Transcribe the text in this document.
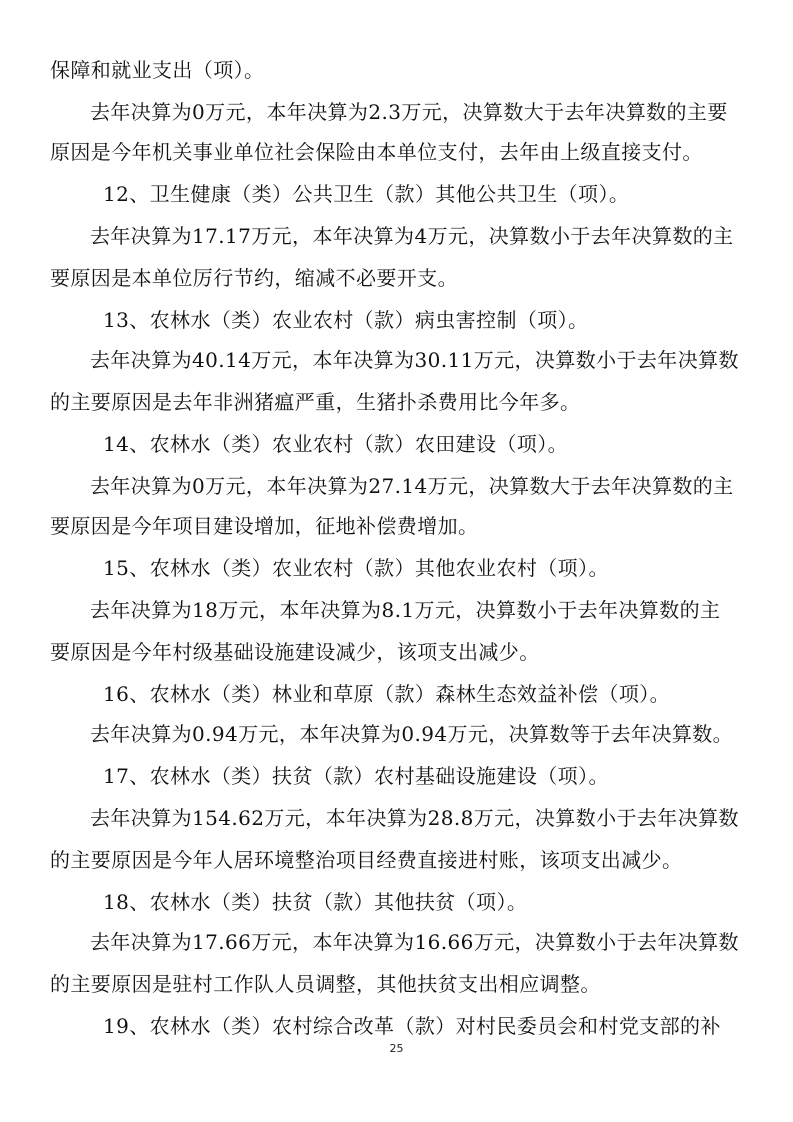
保障和就业支出（项）。
去年决算为0万元，本年决算为2.3万元，决算数大于去年决算数的主要
原因是今年机关事业单位社会保险由本单位支付，去年由上级直接支付。
12、卫生健康（类）公共卫生（款）其他公共卫生（项）。
去年决算为17.17万元，本年决算为4万元，决算数小于去年决算数的主
要原因是本单位厉行节约，缩减不必要开支。
13、农林水（类）农业农村（款）病虫害控制（项）。
去年决算为40.14万元，本年决算为30.11万元，决算数小于去年决算数
的主要原因是去年非洲猪瘟严重，生猪扑杀费用比今年多。
14、农林水（类）农业农村（款）农田建设（项）。
去年决算为0万元，本年决算为27.14万元，决算数大于去年决算数的主
要原因是今年项目建设增加，征地补偿费增加。
15、农林水（类）农业农村（款）其他农业农村（项）。
去年决算为18万元，本年决算为8.1万元，决算数小于去年决算数的主
要原因是今年村级基础设施建设减少，该项支出减少。
16、农林水（类）林业和草原（款）森林生态效益补偿（项）。
去年决算为0.94万元，本年决算为0.94万元，决算数等于去年决算数。
17、农林水（类）扶贫（款）农村基础设施建设（项）。
去年决算为154.62万元，本年决算为28.8万元，决算数小于去年决算数
的主要原因是今年人居环境整治项目经费直接进村账，该项支出减少。
18、农林水（类）扶贫（款）其他扶贫（项）。
去年决算为17.66万元，本年决算为16.66万元，决算数小于去年决算数
的主要原因是驻村工作队人员调整，其他扶贫支出相应调整。
19、农林水（类）农村综合改革（款）对村民委员会和村党支部的补
25
